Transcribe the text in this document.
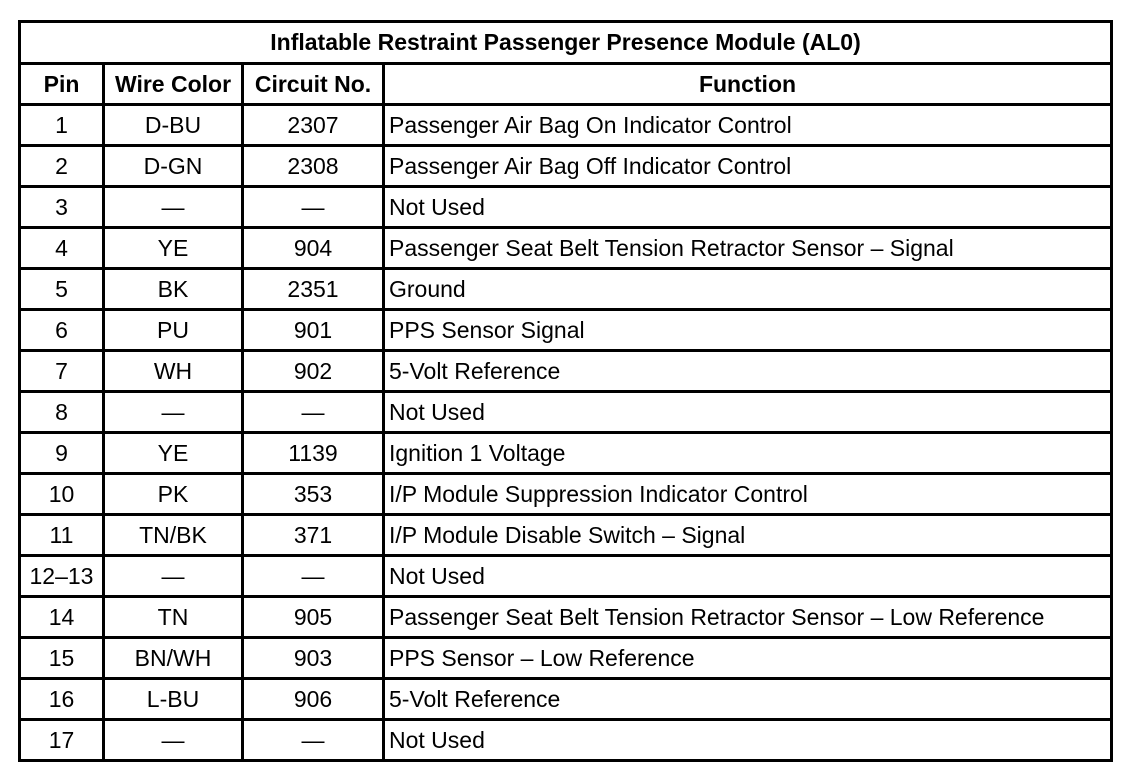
Inflatable Restraint Passenger Presence Module (AL0)			
Pin	Wire Color	Circuit No.	Function
1	D-BU	2307	Passenger Air Bag On Indicator Control
2	D-GN	2308	Passenger Air Bag Off Indicator Control
3	—	—	Not Used
4	YE	904	Passenger Seat Belt Tension Retractor Sensor – Signal
5	BK	2351	Ground
6	PU	901	PPS Sensor Signal
7	WH	902	5-Volt Reference
8	—	—	Not Used
9	YE	1139	Ignition 1 Voltage
10	PK	353	I/P Module Suppression Indicator Control
11	TN/BK	371	I/P Module Disable Switch – Signal
12–13	—	—	Not Used
14	TN	905	Passenger Seat Belt Tension Retractor Sensor – Low Reference
15	BN/WH	903	PPS Sensor – Low Reference
16	L-BU	906	5-Volt Reference
17	—	—	Not Used
